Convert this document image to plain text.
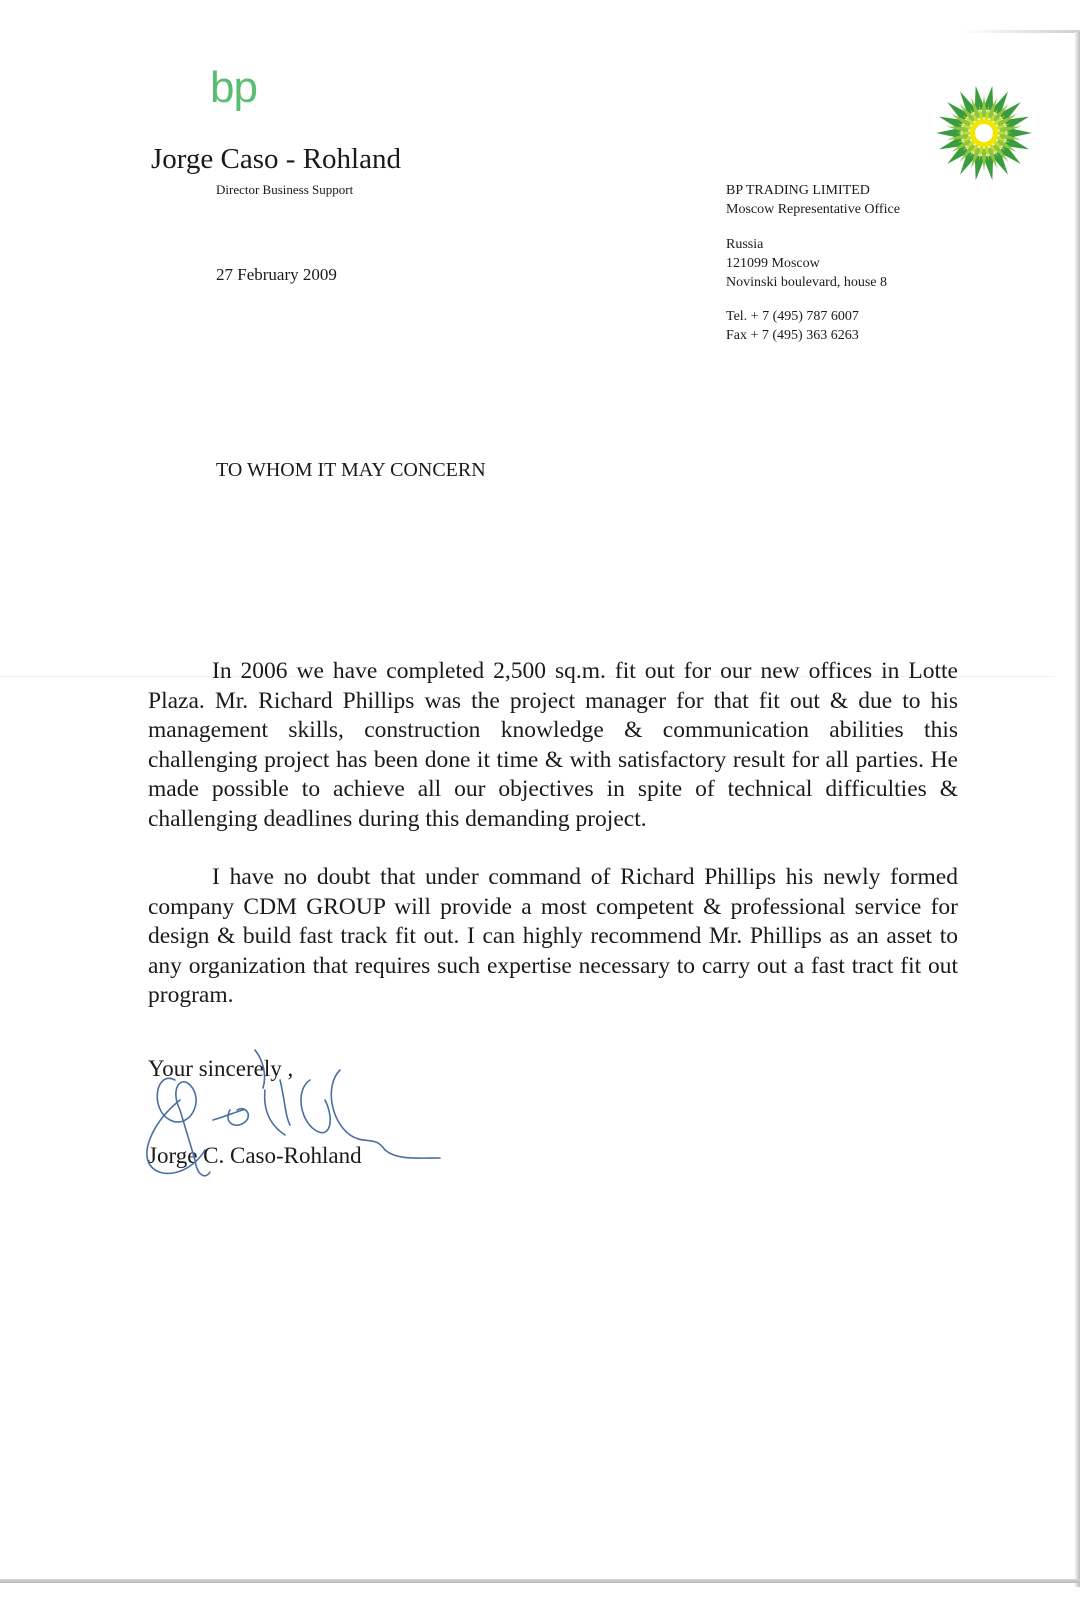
bp
Jorge Caso - Rohland
Director Business Support
27 February 2009
BP TRADING LIMITED
Moscow Representative Office
Russia
121099 Moscow
Novinski boulevard, house 8
Tel. + 7 (495) 787 6007
Fax + 7 (495) 363 6263
TO WHOM IT MAY CONCERN

In 2006 we have completed 2,500 sq.m. fit out for our new offices in Lotte Plaza. Mr. Richard Phillips was the project manager for that fit out & due to his management skills, construction knowledge & communication abilities this challenging project has been done it time & with satisfactory result for all parties. He made possible to achieve all our objectives in spite of technical difficulties & challenging deadlines during this demanding project.

I have no doubt that under command of Richard Phillips his newly formed company CDM GROUP will provide a most competent & professional service for design & build fast track fit out. I can highly recommend Mr. Phillips as an asset to any organization that requires such expertise necessary to carry out a fast tract fit out program.

Your sincerely ,
Jorge C. Caso-Rohland
